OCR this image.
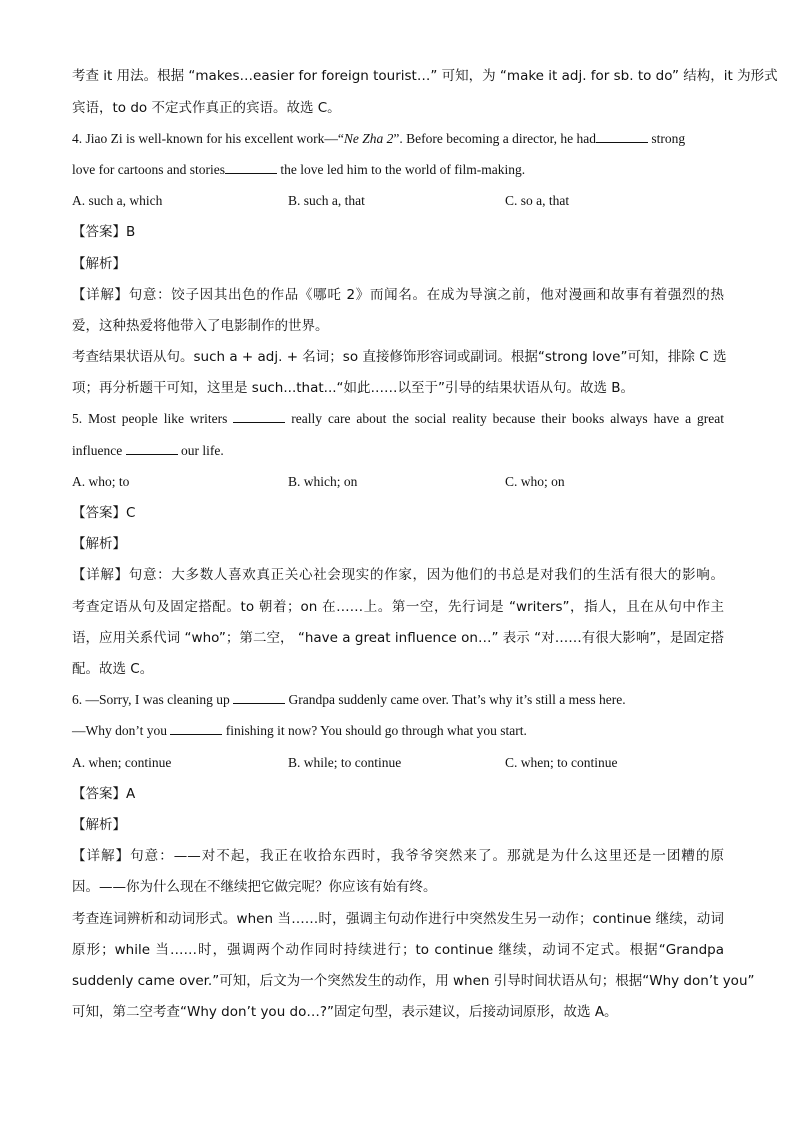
考查 it 用法。根据 “makes…easier for foreign tourist…” 可知，为 “make it adj. for sb. to do” 结构，it 为形式
宾语，to do 不定式作真正的宾语。故选 C。
4. Jiao Zi is well-known for his excellent work—“Ne Zha 2”. Before becoming a director, he had	strong
love for cartoons and stories	the love led him to the world of film-making.
A. such a, which	B. such a, that	C. so a, that
【答案】B
【解析】
【详解】句意：饺子因其出色的作品《哪吒 2》而闻名。在成为导演之前，他对漫画和故事有着强烈的热
爱，这种热爱将他带入了电影制作的世界。
考查结果状语从句。such a + adj. + 名词；so 直接修饰形容词或副词。根据“strong love”可知，排除 C 选
项；再分析题干可知，这里是 such...that...“如此……以至于”引导的结果状语从句。故选 B。
5. Most people like writers	really care about the social reality because their books always have a great
influence	our life.
A. who; to	B. which; on	C. who; on
【答案】C
【解析】
【详解】句意：大多数人喜欢真正关心社会现实的作家，因为他们的书总是对我们的生活有很大的影响。
考查定语从句及固定搭配。to 朝着；on 在……上。第一空，先行词是 “writers”，指人，且在从句中作主
语，应用关系代词 “who”；第二空， “have a great influence on…” 表示 “对……有很大影响”，是固定搭
配。故选 C。
6. —Sorry, I was cleaning up	Grandpa suddenly came over. That’s why it’s still a mess here.
—Why don’t you	finishing it now? You should go through what you start.
A. when; continue	B. while; to continue	C. when; to continue
【答案】A
【解析】
【详解】句意：——对不起，我正在收拾东西时，我爷爷突然来了。那就是为什么这里还是一团糟的原
因。——你为什么现在不继续把它做完呢？你应该有始有终。
考查连词辨析和动词形式。when 当……时，强调主句动作进行中突然发生另一动作；continue 继续，动词
原形；while 当……时，强调两个动作同时持续进行；to continue 继续，动词不定式。根据“Grandpa
suddenly came over.”可知，后文为一个突然发生的动作，用 when 引导时间状语从句；根据“Why don’t you”
可知，第二空考查“Why don’t you do…?”固定句型，表示建议，后接动词原形，故选 A。
